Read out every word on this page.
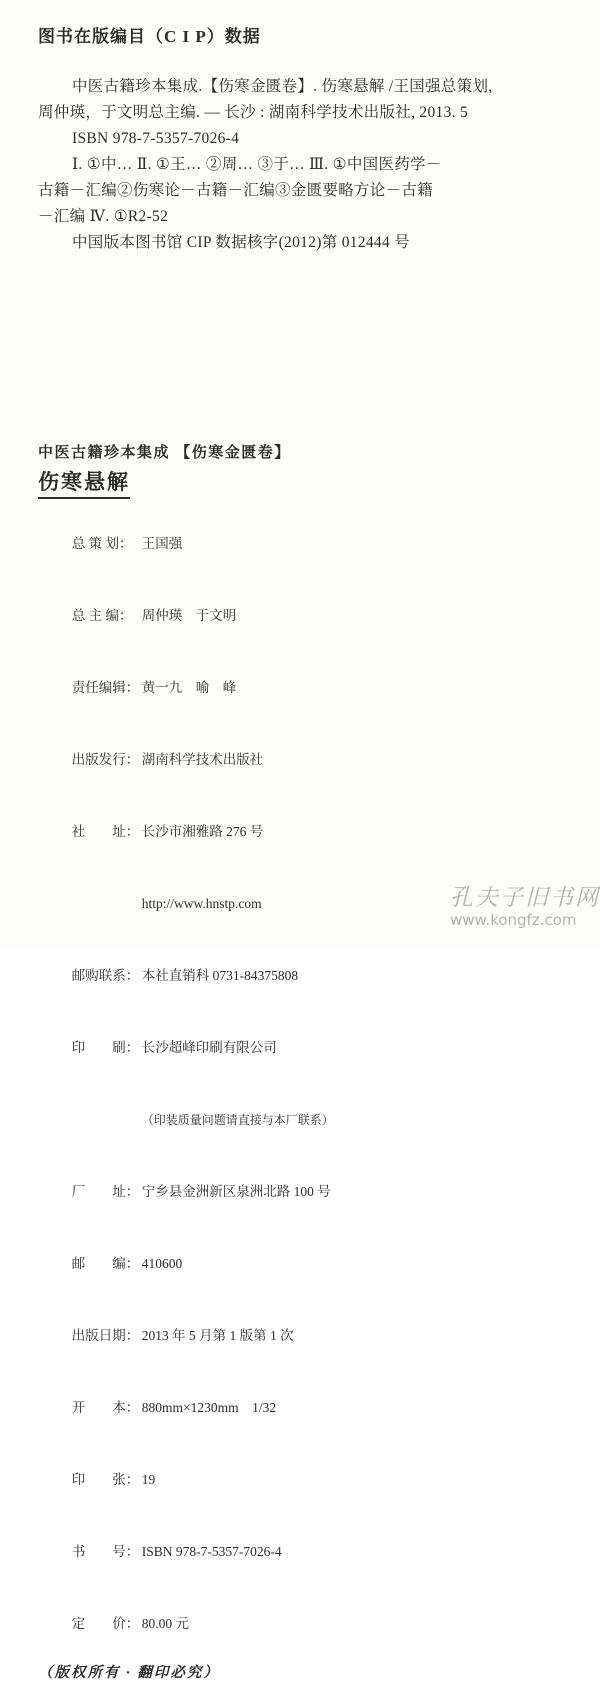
图书在版编目（C I P）数据
中医古籍珍本集成.【伤寒金匮卷】. 伤寒悬解 /王国强总策划,
周仲瑛，于文明总主编. — 长沙 : 湖南科学技术出版社, 2013. 5
ISBN 978-7-5357-7026-4
Ⅰ. ①中… Ⅱ. ①王… ②周… ③于… Ⅲ. ①中国医药学－
古籍－汇编②伤寒论－古籍－汇编③金匮要略方论－古籍
－汇编 Ⅳ. ①R2-52
中国版本图书馆 CIP 数据核字(2012)第 012444 号
中医古籍珍本集成 【伤寒金匮卷】
伤寒悬解

总 策 划： 王国强

总 主 编： 周仲瑛　于文明

责任编辑： 黄一九　喻　峰

出版发行： 湖南科学技术出版社

社　　址： 长沙市湘雅路 276 号

http://www.hnstp.com

邮购联系： 本社直销科 0731-84375808

印　　刷： 长沙超峰印刷有限公司

（印装质量问题请直接与本厂联系）

厂　　址： 宁乡县金洲新区泉洲北路 100 号

邮　　编： 410600

出版日期： 2013 年 5 月第 1 版第 1 次

开　　本： 880mm×1230mm　1/32

印　　张： 19

书　　号： ISBN 978-7-5357-7026-4

定　　价： 80.00 元

（版权所有 · 翻印必究）
孔夫子旧书网
www.kongfz.com
